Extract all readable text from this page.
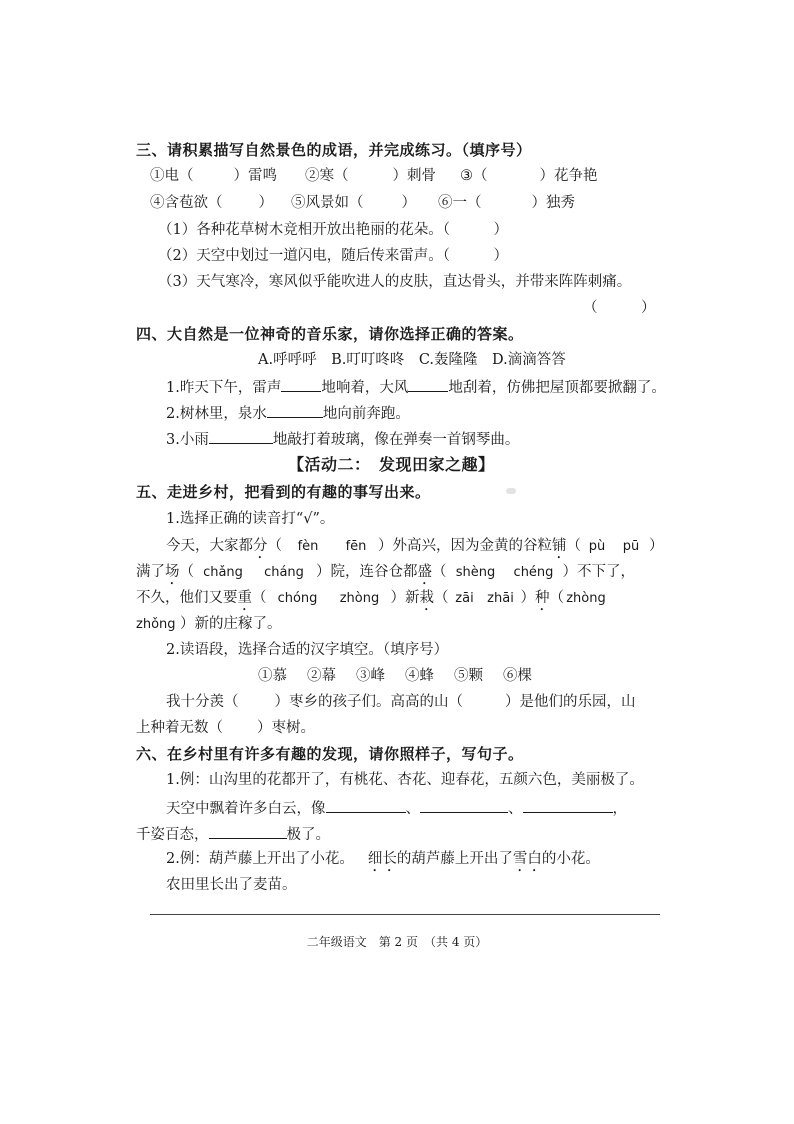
三、请积累描写自然景色的成语，并完成练习。（填序号）
①电（	）雷鸣 ②寒（	）刺骨 ③（	）花争艳
④含苞欲（ ） ⑤风景如（	） ⑥一（	）独秀
（1）各种花草树木竞相开放出艳丽的花朵。（　　　）
（2）天空中划过一道闪电，随后传来雷声。（　　　）
（3）天气寒冷，寒风似乎能吹进人的皮肤，直达骨头，并带来阵阵刺痛。
（　　　）
四、大自然是一位神奇的音乐家，请你选择正确的答案。
A.呼呼呼　B.叮叮咚咚　C.轰隆隆　D.滴滴答答
1.昨天下午，雷声	地响着，大风	地刮着，仿佛把屋顶都要掀翻了。
2.树林里，泉水	地向前奔跑。
3.小雨	地敲打着玻璃，像在弹奏一首钢琴曲。
【活动二：　发现田家之趣】
五、走进乡村，把看到的有趣的事写出来。
1.选择正确的读音打“√”。
今天，大家都分（ fèn fēn ）外高兴，因为金黄的谷粒铺（ pù pū ）
满了场（ chǎng cháng ）院，连谷仓都盛（ shèng chéng ）不下了，
不久，他们又要重（ chóng zhòng ）新栽（ zāi zhāi ）种（ zhòng
zhǒng ）新的庄稼了。
2.读语段，选择合适的汉字填空。（填序号）
①慕 ②幕 ③峰 ④蜂 ⑤颗 ⑥棵
我十分羡（ ）枣乡的孩子们。高高的山（	）是他们的乐园，山
上种着无数（ ）枣树。
六、在乡村里有许多有趣的发现，请你照样子，写句子。
1.例：山沟里的花都开了，有桃花、杏花、迎春花，五颜六色，美丽极了。
天空中飘着许多白云，像	、	、	，
千姿百态，	极了。
2.例：葫芦藤上开出了小花。 细长的葫芦藤上开出了雪白的小花。
农田里长出了麦苗。
二年级语文　第 2 页　（共 4 页）
